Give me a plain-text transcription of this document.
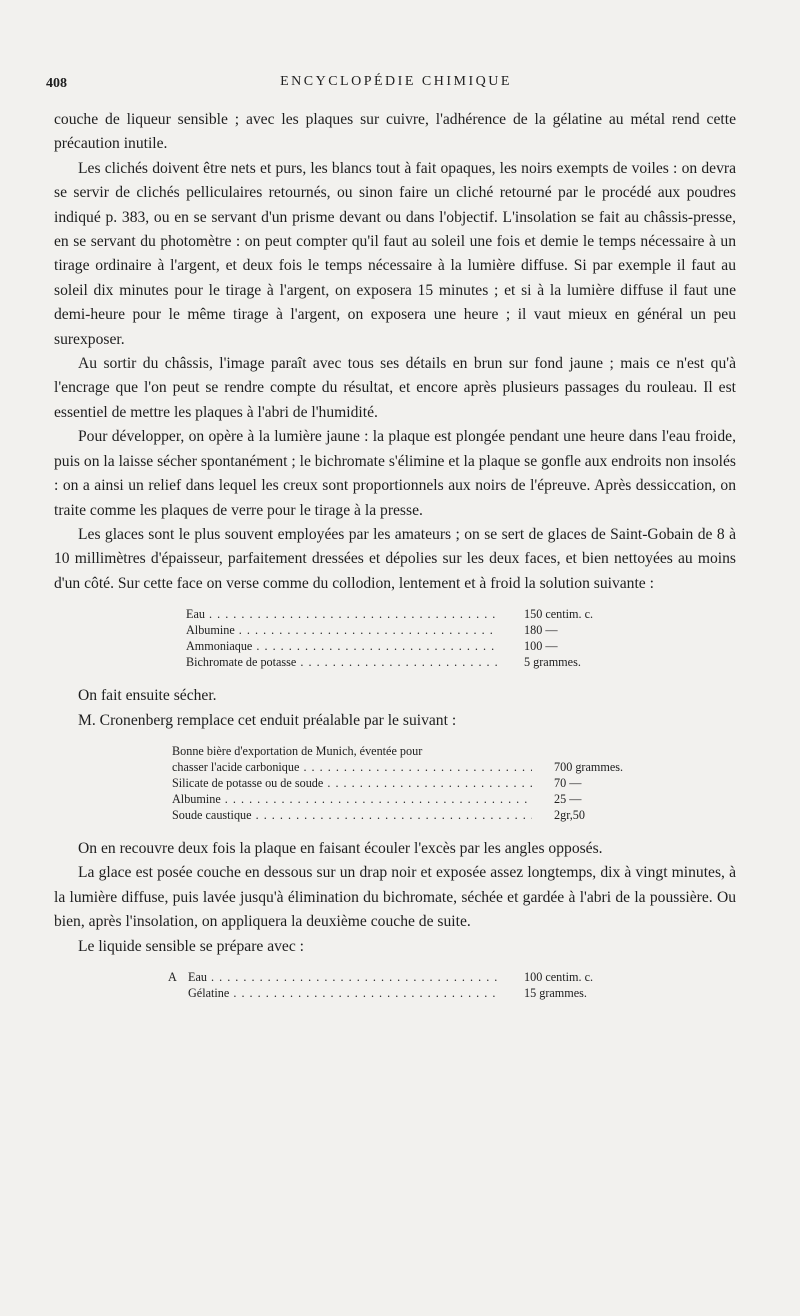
408	ENCYCLOPÉDIE CHIMIQUE

couche de liqueur sensible ; avec les plaques sur cuivre, l'adhérence de la gélatine au métal rend cette précaution inutile.

Les clichés doivent être nets et purs, les blancs tout à fait opaques, les noirs exempts de voiles : on devra se servir de clichés pelliculaires retournés, ou sinon faire un cliché retourné par le procédé aux poudres indiqué p. 383, ou en se servant d'un prisme devant ou dans l'objectif. L'insolation se fait au châssis-presse, en se servant du photomètre : on peut compter qu'il faut au soleil une fois et demie le temps nécessaire à un tirage ordinaire à l'argent, et deux fois le temps nécessaire à la lumière diffuse. Si par exemple il faut au soleil dix minutes pour le tirage à l'argent, on exposera 15 minutes ; et si à la lumière diffuse il faut une demi-heure pour le même tirage à l'argent, on exposera une heure ; il vaut mieux en général un peu surexposer.

Au sortir du châssis, l'image paraît avec tous ses détails en brun sur fond jaune ; mais ce n'est qu'à l'encrage que l'on peut se rendre compte du résultat, et encore après plusieurs passages du rouleau. Il est essentiel de mettre les plaques à l'abri de l'humidité.

Pour développer, on opère à la lumière jaune : la plaque est plongée pendant une heure dans l'eau froide, puis on la laisse sécher spontanément ; le bichromate s'élimine et la plaque se gonfle aux endroits non insolés : on a ainsi un relief dans lequel les creux sont proportionnels aux noirs de l'épreuve. Après dessiccation, on traite comme les plaques de verre pour le tirage à la presse.

Les glaces sont le plus souvent employées par les amateurs ; on se sert de glaces de Saint-Gobain de 8 à 10 millimètres d'épaisseur, parfaitement dressées et dépolies sur les deux faces, et bien nettoyées au moins d'un côté. Sur cette face on verse comme du collodion, lentement et à froid la solution suivante :

Eau . . .	150 centim. c.
Albumine . . .	180 —
Ammoniaque . . .	100 —
Bichromate de potasse . . .	5 grammes.

On fait ensuite sécher.

M. Cronenberg remplace cet enduit préalable par le suivant :

Bonne bière d'exportation de Munich, éventée pour
chasser l'acide carbonique . . .	700 grammes.
Silicate de potasse ou de soude . . .	70 —
Albumine . . .	25 —
Soude caustique . . .	2gr,50

On en recouvre deux fois la plaque en faisant écouler l'excès par les angles opposés.

La glace est posée couche en dessous sur un drap noir et exposée assez longtemps, dix à vingt minutes, à la lumière diffuse, puis lavée jusqu'à élimination du bichromate, séchée et gardée à l'abri de la poussière. Ou bien, après l'insolation, on appliquera la deuxième couche de suite.

Le liquide sensible se prépare avec :

A Eau . . .	100 centim. c.
Gélatine . . .	15 grammes.
